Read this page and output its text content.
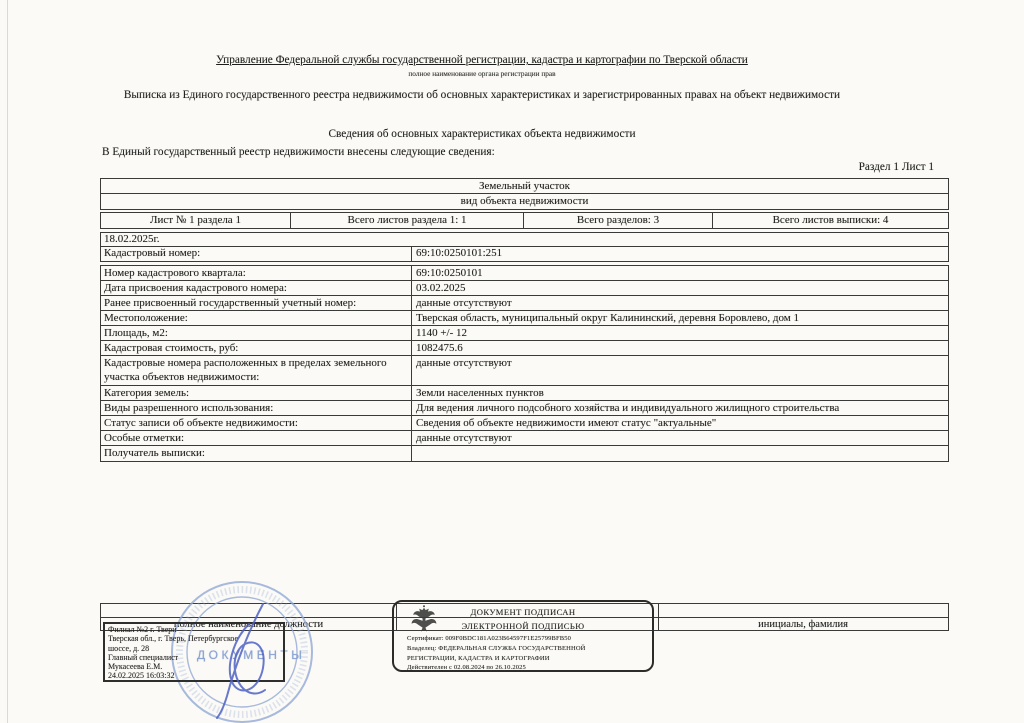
Управление Федеральной службы государственной регистрации, кадастра и картографии по Тверской области
полное наименование органа регистрации прав
Выписка из Единого государственного реестра недвижимости об основных характеристиках и зарегистрированных правах на объект недвижимости
Сведения об основных характеристиках объекта недвижимости
В Единый государственный реестр недвижимости внесены следующие сведения:
Раздел 1 Лист 1
Земельный участок
вид объекта недвижимости
Лист № 1 раздела 1	Всего листов раздела 1: 1	Всего разделов: 3	Всего листов выписки: 4
18.02.2025г.
Кадастровый номер:	69:10:0250101:251
Номер кадастрового квартала:	69:10:0250101
Дата присвоения кадастрового номера:	03.02.2025
Ранее присвоенный государственный учетный номер:	данные отсутствуют
Местоположение:	Тверская область, муниципальный округ Калининский, деревня Боровлево, дом 1
Площадь, м2:	1140 +/- 12
Кадастровая стоимость, руб:	1082475.6
Кадастровые номера расположенных в пределах земельного участка объектов недвижимости:
данные отсутствуют
Категория земель:	Земли населенных пунктов
Виды разрешенного использования:	Для ведения личного подсобного хозяйства и индивидуального жилищного строительства
Статус записи об объекте недвижимости:	Сведения об объекте недвижимости имеют статус "актуальные"
Особые отметки:	данные отсутствуют
Получатель выписки:
ДОКУМЕНТЫ
полное наименование должности	инициалы, фамилия
Филиал №2 г. Твери
Тверская обл., г. Тверь, Петербургское
шоссе, д. 28
Главный специалист
Мукасеева Е.М.
24.02.2025 16:03:32
ДОКУМЕНТ ПОДПИСАН
ЭЛЕКТРОННОЙ ПОДПИСЬЮ
Сертификат: 009F0BDC181A023B64597F1E25799BFB50
Владелец: ФЕДЕРАЛЬНАЯ СЛУЖБА ГОСУДАРСТВЕННОЙ
РЕГИСТРАЦИИ, КАДАСТРА И КАРТОГРАФИИ
Действителен с 02.08.2024 по 26.10.2025
